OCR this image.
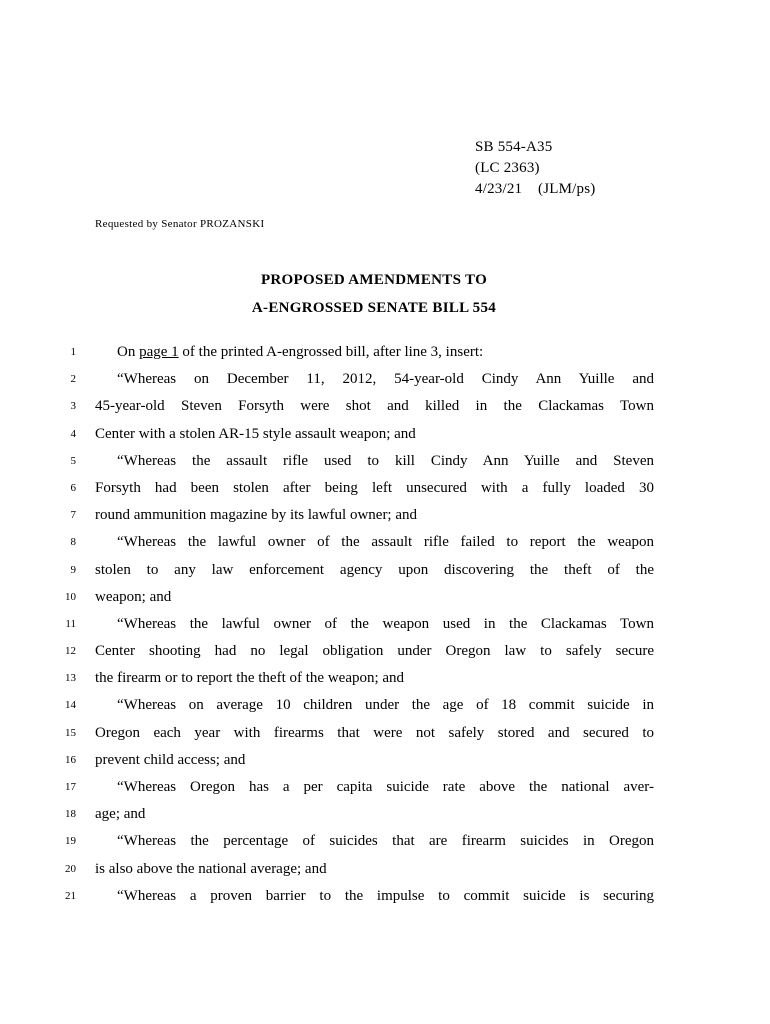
SB 554-A35
(LC 2363)
4/23/21    (JLM/ps)
Requested by Senator PROZANSKI
PROPOSED AMENDMENTS TO
A-ENGROSSED SENATE BILL 554
1	On page 1 of the printed A-engrossed bill, after line 3, insert:
2	“Whereas on December 11, 2012, 54-year-old Cindy Ann Yuille and
3 45-year-old Steven Forsyth were shot and killed in the Clackamas Town
4 Center with a stolen AR-15 style assault weapon; and
5	“Whereas the assault rifle used to kill Cindy Ann Yuille and Steven
6 Forsyth had been stolen after being left unsecured with a fully loaded 30
7 round ammunition magazine by its lawful owner; and
8	“Whereas the lawful owner of the assault rifle failed to report the weapon
9 stolen to any law enforcement agency upon discovering the theft of the
10 weapon; and
11	“Whereas the lawful owner of the weapon used in the Clackamas Town
12 Center shooting had no legal obligation under Oregon law to safely secure
13 the firearm or to report the theft of the weapon; and
14	“Whereas on average 10 children under the age of 18 commit suicide in
15 Oregon each year with firearms that were not safely stored and secured to
16 prevent child access; and
17	“Whereas Oregon has a per capita suicide rate above the national aver-
18 age; and
19	“Whereas the percentage of suicides that are firearm suicides in Oregon
20 is also above the national average; and
21	“Whereas a proven barrier to the impulse to commit suicide is securing
